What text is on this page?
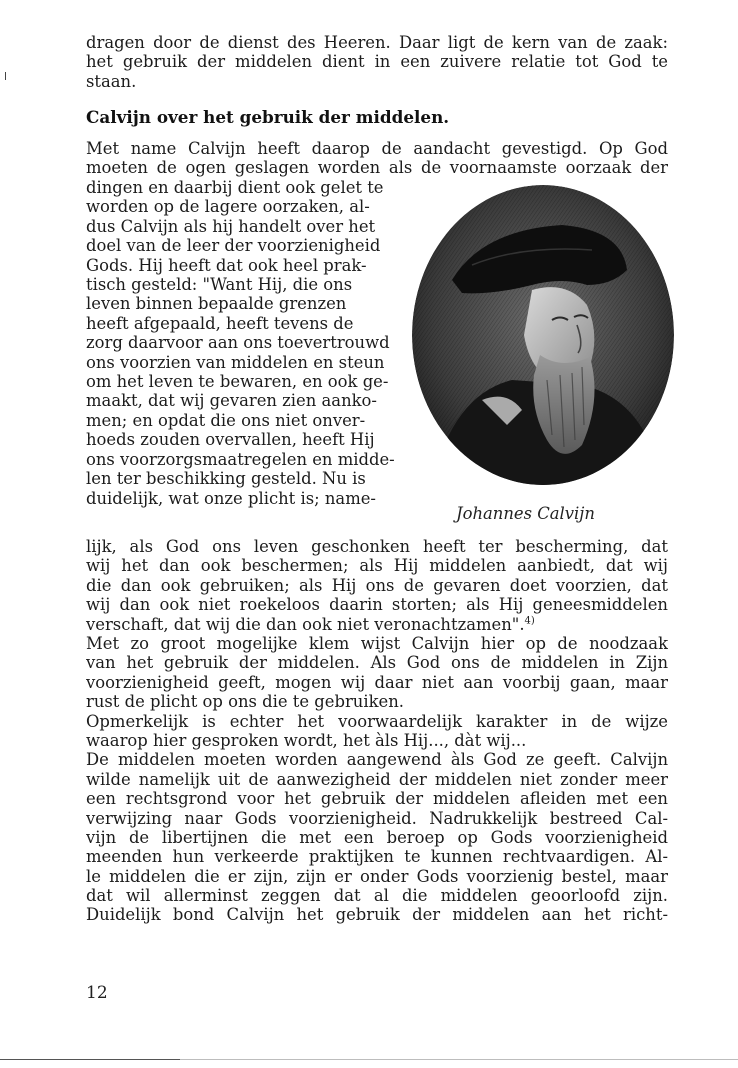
dragen door de dienst des Heeren. Daar ligt de kern van de zaak:
het gebruik der middelen dient in een zuivere relatie tot God te
staan.
Calvijn over het gebruik der middelen.
Met name Calvijn heeft daarop de aandacht gevestigd. Op God
moeten de ogen geslagen worden als de voornaamste oorzaak der
dingen en daarbij dient ook gelet te
worden op de lagere oorzaken, al-
dus Calvijn als hij handelt over het
doel van de leer der voorzienigheid
Gods. Hij heeft dat ook heel prak-
tisch gesteld: "Want Hij, die ons
leven binnen bepaalde grenzen
heeft afgepaald, heeft tevens de
zorg daarvoor aan ons toevertrouwd
ons voorzien van middelen en steun
om het leven te bewaren, en ook ge-
maakt, dat wij gevaren zien aanko-
men; en opdat die ons niet onver-
hoeds zouden overvallen, heeft Hij
ons voorzorgsmaatregelen en midde-
len ter beschikking gesteld. Nu is
duidelijk, wat onze plicht is; name-
Johannes Calvijn
lijk, als God ons leven geschonken heeft ter bescherming, dat
wij het dan ook beschermen; als Hij middelen aanbiedt, dat wij
die dan ook gebruiken; als Hij ons de gevaren doet voorzien, dat
wij dan ook niet roekeloos daarin storten; als Hij geneesmiddelen
verschaft, dat wij die dan ook niet veronachtzamen".$^{4)}$
Met zo groot mogelijke klem wijst Calvijn hier op de noodzaak
van het gebruik der middelen. Als God ons de middelen in Zijn
voorzienigheid geeft, mogen wij daar niet aan voorbij gaan, maar
rust de plicht op ons die te gebruiken.
Opmerkelijk is echter het voorwaardelijk karakter in de wijze
waarop hier gesproken wordt, het àls Hij..., dàt wij...
De middelen moeten worden aangewend àls God ze geeft. Calvijn
wilde namelijk uit de aanwezigheid der middelen niet zonder meer
een rechtsgrond voor het gebruik der middelen afleiden met een
verwijzing naar Gods voorzienigheid. Nadrukkelijk bestreed Cal-
vijn de libertijnen die met een beroep op Gods voorzienigheid
meenden hun verkeerde praktijken te kunnen rechtvaardigen. Al-
le middelen die er zijn, zijn er onder Gods voorzienig bestel, maar
dat wil allerminst zeggen dat al die middelen geoorloofd zijn.
Duidelijk bond Calvijn het gebruik der middelen aan het richt-
12
